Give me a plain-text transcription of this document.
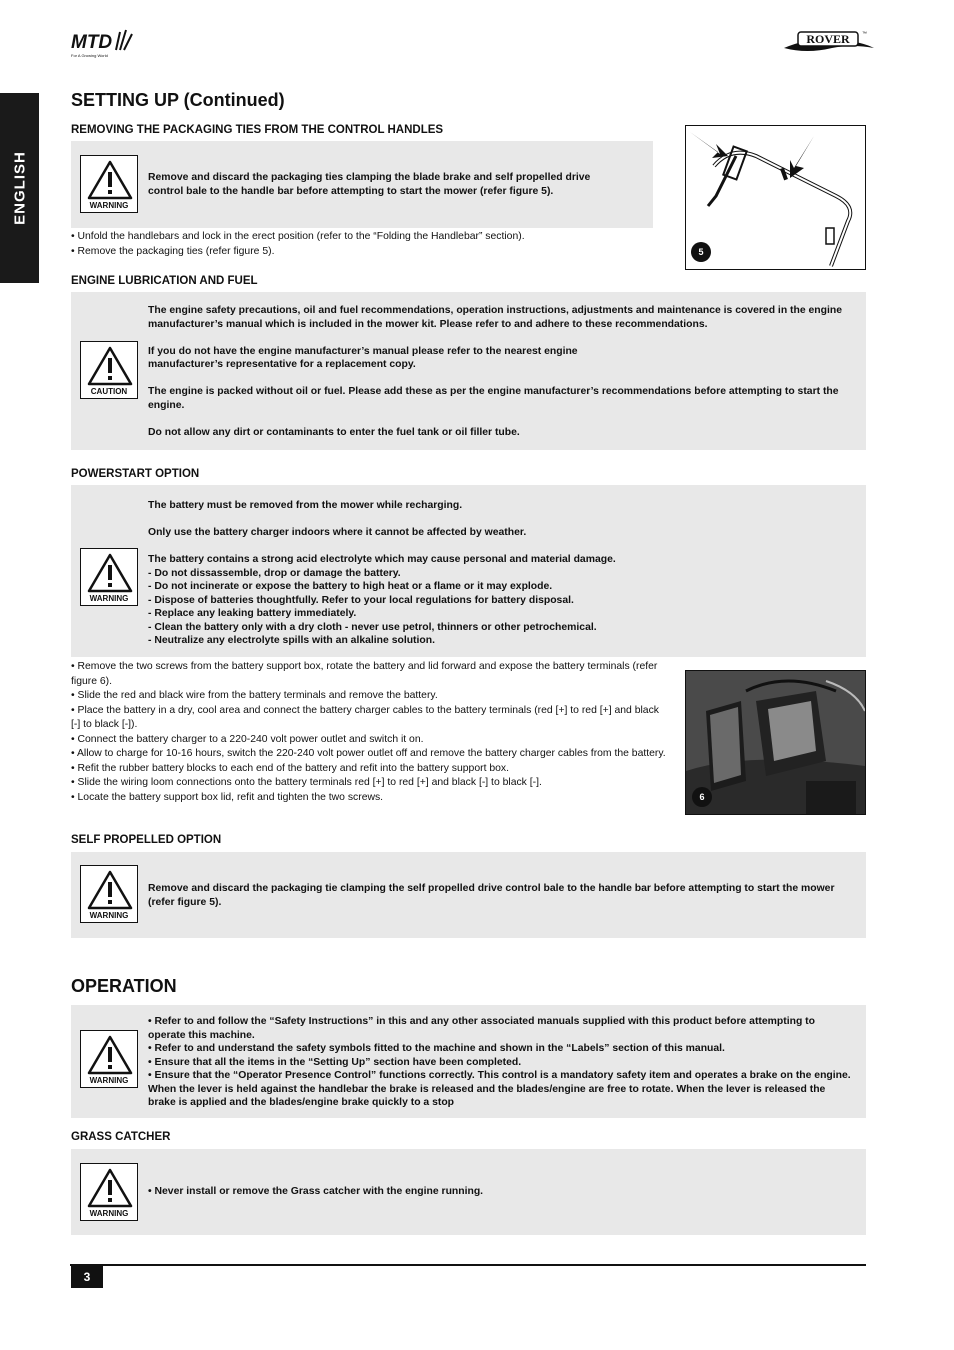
MTD
For A Growing World
ROVER ™
ENGLISH
SETTING UP (Continued)
REMOVING THE PACKAGING TIES FROM THE CONTROL HANDLES
WARNING
Remove and discard the packaging ties clamping the blade brake and self propelled drive control bale to the handle bar before attempting to start the mower (refer figure 5).

• Unfold the handlebars and lock in the erect position (refer to the “Folding the Handlebar” section).

• Remove the packaging ties (refer figure 5).	5
ENGINE LUBRICATION AND FUEL
CAUTION

The engine safety precautions, oil and fuel recommendations, operation instructions, adjustments and maintenance is covered in the engine manufacturer’s manual which is included in the mower kit. Please refer to and adhere to these recommendations.

If you do not have the engine manufacturer’s manual please refer to the nearest engine manufacturer’s representative for a replacement copy.

The engine is packed without oil or fuel. Please add these as per the engine manufacturer’s recommendations before attempting to start the engine.

Do not allow any dirt or contaminants to enter the fuel tank or oil filler tube.

POWERSTART OPTION
WARNING

The battery must be removed from the mower while recharging.

Only use the battery charger indoors where it cannot be affected by weather.

The battery contains a strong acid electrolyte which may cause personal and material damage.

- Do not dissassemble, drop or damage the battery.

- Do not incinerate or expose the battery to high heat or a flame or it may explode.

- Dispose of batteries thoughtfully. Refer to your local regulations for battery disposal.

- Replace any leaking battery immediately.

- Clean the battery only with a dry cloth - never use petrol, thinners or other petrochemical.

- Neutralize any electrolyte spills with an alkaline solution.

• Remove the two screws from the battery support box, rotate the battery and lid forward and expose the battery terminals (refer figure 6).

• Slide the red and black wire from the battery terminals and remove the battery.

• Place the battery in a dry, cool area and connect the battery charger cables to the battery terminals (red [+] to red [+] and black [-] to black [-]).

• Connect the battery charger to a 220-240 volt power outlet and switch it on.

• Allow to charge for 10-16 hours, switch the 220-240 volt power outlet off and remove the battery charger cables from the battery.

• Refit the rubber battery blocks to each end of the battery and refit into the battery support box.

• Slide the wiring loom connections onto the battery terminals red [+] to red [+] and black [-] to black [-].

• Locate the battery support box lid, refit and tighten the two screws.	6
SELF PROPELLED OPTION
WARNING
Remove and discard the packaging tie clamping the self propelled drive control bale to the handle bar before attempting to start the mower (refer figure 5).
OPERATION
WARNING

• Refer to and follow the “Safety Instructions” in this and any other associated manuals supplied with this product before attempting to operate this machine.

• Refer to and understand the safety symbols fitted to the machine and shown in the “Labels” section of this manual.

• Ensure that all the items in the “Setting Up” section have been completed.

• Ensure that the “Operator Presence Control” functions correctly. This control is a mandatory safety item and operates a brake on the engine. When the lever is held against the handlebar the brake is released and the blades/engine are free to rotate. When the lever is released the brake is applied and the blades/engine brake quickly to a stop

GRASS CATCHER
WARNING
• Never install or remove the Grass catcher with the engine running.
3
